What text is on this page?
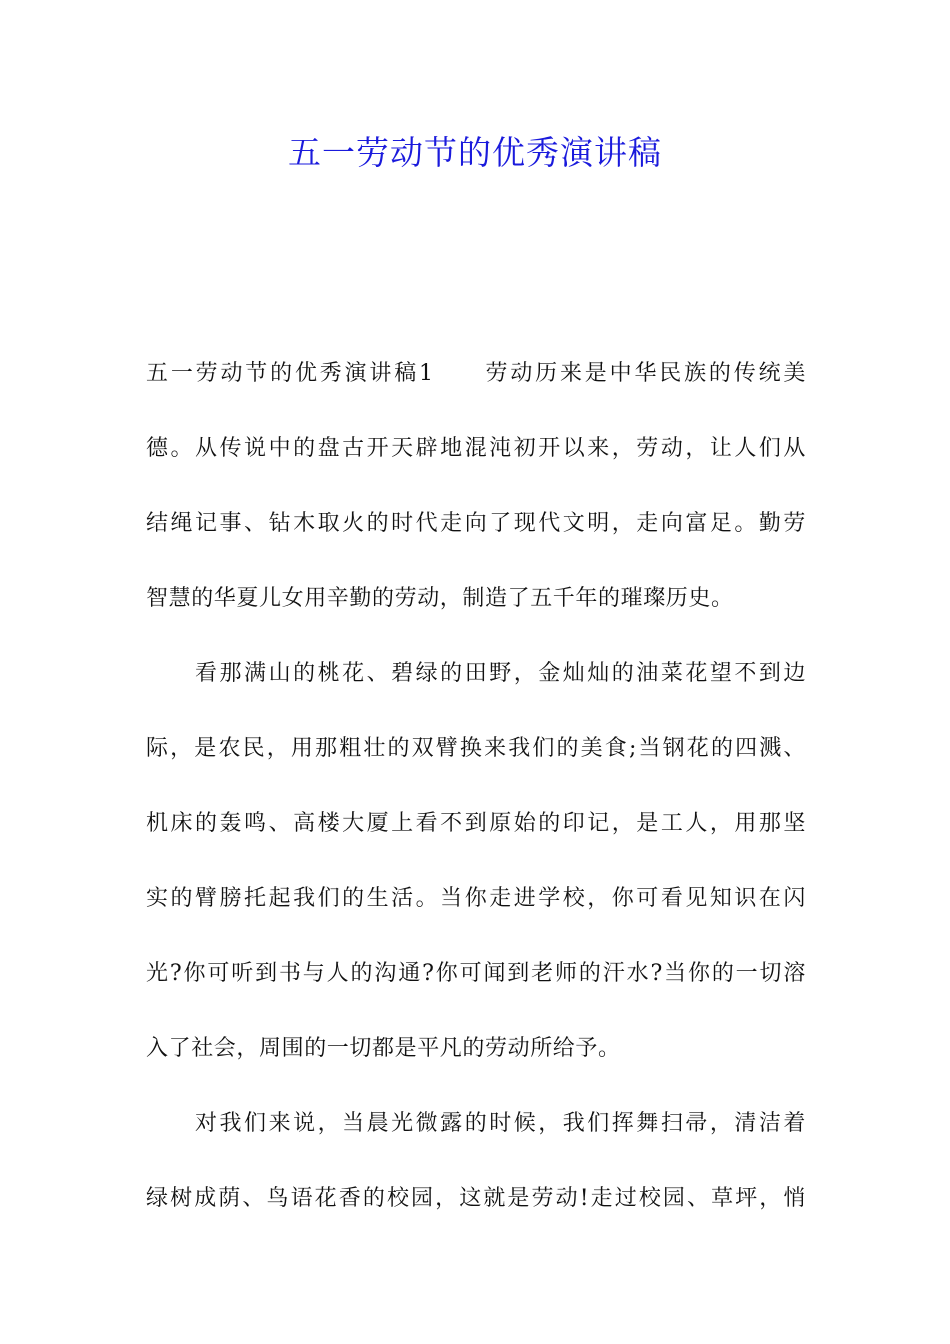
五一劳动节的优秀演讲稿
五一劳动节的优秀演讲稿1　　劳动历来是中华民族的传统美
德。从传说中的盘古开天辟地混沌初开以来，劳动，让人们从
结绳记事、钻木取火的时代走向了现代文明，走向富足。勤劳
智慧的华夏儿女用辛勤的劳动，制造了五千年的璀璨历史。
　　看那满山的桃花、碧绿的田野，金灿灿的油菜花望不到边
际，是农民，用那粗壮的双臂换来我们的美食;当钢花的四溅、
机床的轰鸣、高楼大厦上看不到原始的印记，是工人，用那坚
实的臂膀托起我们的生活。当你走进学校，你可看见知识在闪
光?你可听到书与人的沟通?你可闻到老师的汗水?当你的一切溶
入了社会，周围的一切都是平凡的劳动所给予。
　　对我们来说，当晨光微露的时候，我们挥舞扫帚，清洁着
绿树成荫、鸟语花香的校园，这就是劳动!走过校园、草坪，悄
